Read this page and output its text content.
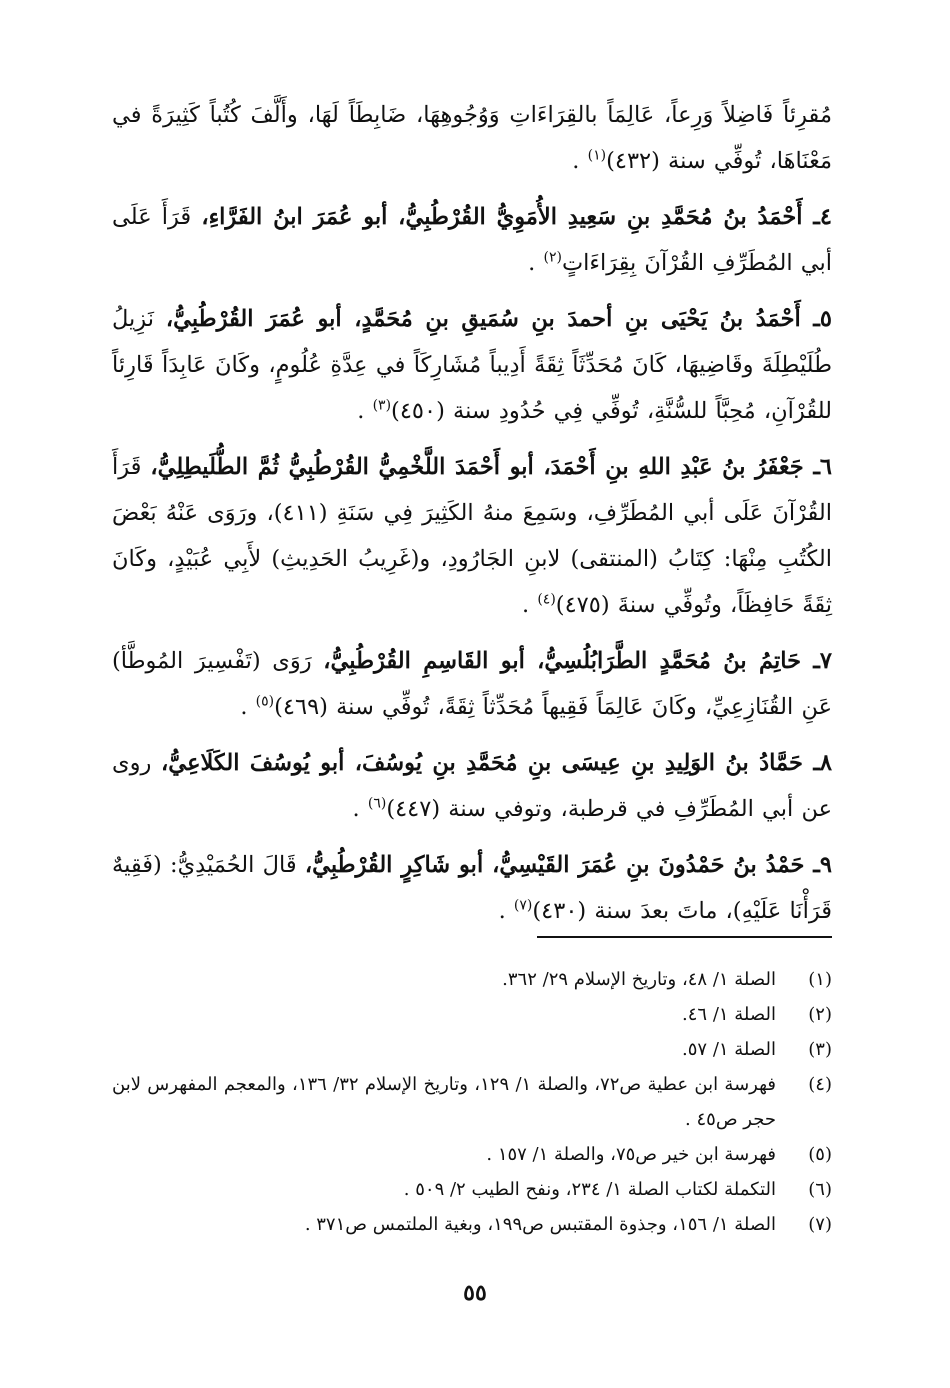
مُقرِئاً فَاضِلاً وَرِعاً، عَالِمَاً بالقِرَاءَاتِ وَوُجُوهِهَا، ضَابِطَاً لَهَا، وأَلَّفَ كُتُباً كَثِيرَةً في مَعْنَاهَا، تُوفِّي سنة (٤٣٢)$^{(١)}$ .

٤ـ أَحْمَدُ بنُ مُحَمَّدِ بنِ سَعِيدِ الأُمَوِيُّ القُرْطُبِيُّ، أبو عُمَرَ ابنُ الفَرَّاءِ، قَرَأَ عَلَى أبي المُطَرِّفِ القُرْآنَ بِقِرَاءَاتٍ$^{(٢)}$ .

٥ـ أَحْمَدُ بنُ يَحْيَى بنِ أحمدَ بنِ سُمَيقِ بنِ مُحَمَّدٍ، أبو عُمَرَ القُرْطُبِيُّ، نَزِيلُ طُلَيْطِلَةَ وقَاضِيهَا، كَانَ مُحَدِّثَاً ثِقَةً أَدِيباً مُشَارِكَاً في عِدَّةِ عُلُومٍ، وكَانَ عَابِدَاً قَارِئاً للقُرْآنِ، مُحِبَّاً للسُّنَّةِ، تُوفِّي فِي حُدُودِ سنة (٤٥٠)$^{(٣)}$ .

٦ـ جَعْفَرُ بنُ عَبْدِ اللهِ بنِ أَحْمَدَ، أبو أَحْمَدَ اللَّخْمِيُّ القُرْطُبِيُّ ثُمَّ الطُّلَيطِلِيُّ، قَرَأَ القُرْآنَ عَلَى أبي المُطَرِّفِ، وسَمِعَ منهُ الكَثِيرَ فِي سَنَةِ (٤١١)، ورَوَى عَنْهُ بَعْضَ الكُتُبِ مِنْهَا: كِتَابُ (المنتقى) لابنِ الجَارُودِ، و(غَرِيبُ الحَدِيثِ) لأَبِي عُبَيْدٍ، وكَانَ ثِقَةً حَافِظَاً، وتُوفِّي سنةَ (٤٧٥)$^{(٤)}$ .

٧ـ حَاتِمُ بنُ مُحَمَّدٍ الطَّرَابُلُسِيُّ، أبو القَاسِمِ القُرْطُبِيُّ، رَوَى (تَفْسِيرَ المُوطَّأ) عَنِ القُنَازِعِيِّ، وكَانَ عَالِمَاً فَقِيهاً مُحَدِّثاً ثِقَةً، تُوفِّي سنة (٤٦٩)$^{(٥)}$ .

٨ـ حَمَّادُ بنُ الوَلِيدِ بنِ عِيسَى بنِ مُحَمَّدِ بنِ يُوسُفَ، أبو يُوسُفَ الكَلَاعِيُّ، روى عن أبي المُطَرِّفِ في قرطبة، وتوفي سنة (٤٤٧)$^{(٦)}$ .

٩ـ حَمْدُ بنُ حَمْدُونَ بنِ عُمَرَ القَيْسِيُّ، أبو شَاكِرٍ القُرْطُبِيُّ، قَالَ الحُمَيْدِيُّ: (فَقِيهٌ قَرَأْنَا عَلَيْهِ)، ماتَ بعدَ سنة (٤٣٠)$^{(٧)}$ .

(١)
الصلة ١/ ٤٨، وتاريخ الإسلام ٢٩/ ٣٦٢.
(٢)
الصلة ١/ ٤٦.
(٣)
الصلة ١/ ٥٧.
(٤)
فهرسة ابن عطية ص٧٢، والصلة ١/ ١٢٩، وتاريخ الإسلام ٣٢/ ١٣٦، والمعجم المفهرس لابن حجر ص٤٥ .
(٥)
فهرسة ابن خير ص٧٥، والصلة ١/ ١٥٧ .
(٦)
التكملة لكتاب الصلة ١/ ٢٣٤، ونفح الطيب ٢/ ٥٠٩ .
(٧)
الصلة ١/ ١٥٦، وجذوة المقتبس ص١٩٩، وبغية الملتمس ص٣٧١ .
٥٥
